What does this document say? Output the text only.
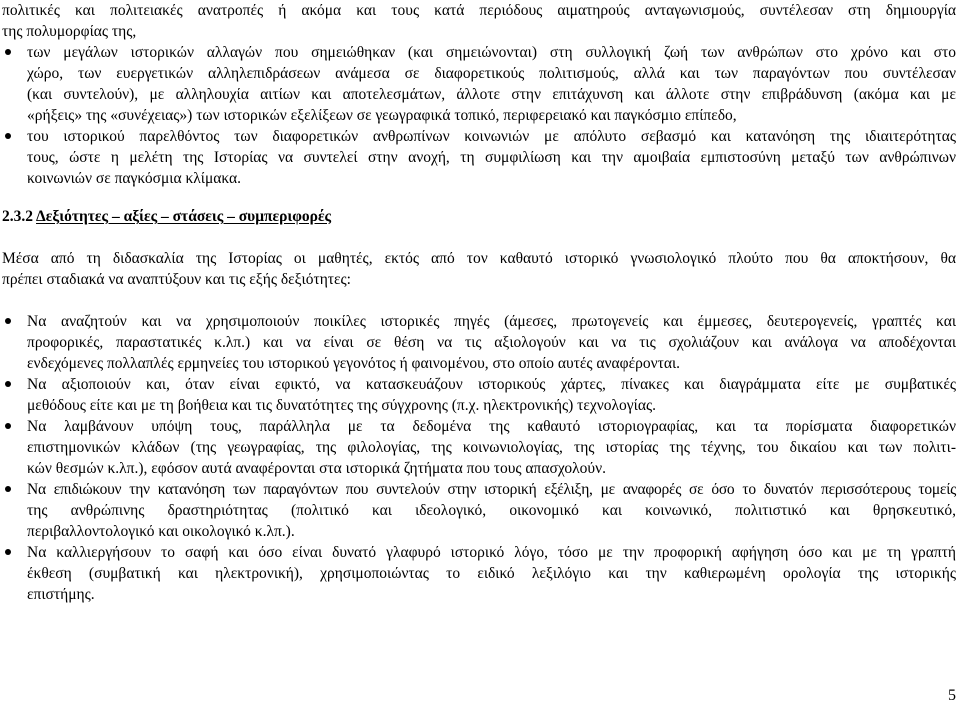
πολιτικές και πολιτειακές ανατροπές ή ακόμα και τους κατά περιόδους αιματηρούς ανταγωνισμούς, συντέλεσαν στη δημιουργία
της πολυμορφίας της,
των μεγάλων ιστορικών αλλαγών που σημειώθηκαν (και σημειώνονται) στη συλλογική ζωή των ανθρώπων στο χρόνο και στο
χώρο, των ευεργετικών αλληλεπιδράσεων ανάμεσα σε διαφορετικούς πολιτισμούς, αλλά και των παραγόντων που συντέλεσαν
(και συντελούν), με αλληλουχία αιτίων και αποτελεσμάτων, άλλοτε στην επιτάχυνση και άλλοτε στην επιβράδυνση (ακόμα και με
«ρήξεις» της «συνέχειας») των ιστορικών εξελίξεων σε γεωγραφικά τοπικό, περιφερειακό και παγκόσμιο επίπεδο,
του ιστορικού παρελθόντος των διαφορετικών ανθρωπίνων κοινωνιών με απόλυτο σεβασμό και κατανόηση της ιδιαιτερότητας
τους, ώστε η μελέτη της Ιστορίας να συντελεί στην ανοχή, τη συμφιλίωση και την αμοιβαία εμπιστοσύνη μεταξύ των ανθρώπινων
κοινωνιών σε παγκόσμια κλίμακα.
2.3.2 Δεξιότητες – αξίες – στάσεις – συμπεριφορές
Μέσα από τη διδασκαλία της Ιστορίας οι μαθητές, εκτός από τον καθαυτό ιστορικό γνωσιολογικό πλούτο που θα αποκτήσουν, θα
πρέπει σταδιακά να αναπτύξουν και τις εξής δεξιότητες:
Να αναζητούν και να χρησιμοποιούν ποικίλες ιστορικές πηγές (άμεσες, πρωτογενείς και έμμεσες, δευτερογενείς, γραπτές και
προφορικές, παραστατικές κ.λπ.) και να είναι σε θέση να τις αξιολογούν και να τις σχολιάζουν και ανάλογα να αποδέχονται
ενδεχόμενες πολλαπλές ερμηνείες του ιστορικού γεγονότος ή φαινομένου, στο οποίο αυτές αναφέρονται.
Να αξιοποιούν και, όταν είναι εφικτό, να κατασκευάζουν ιστορικούς χάρτες, πίνακες και διαγράμματα είτε με συμβατικές
μεθόδους είτε και με τη βοήθεια και τις δυνατότητες της σύγχρονης (π.χ. ηλεκτρονικής) τεχνολογίας.
Να λαμβάνουν υπόψη τους, παράλληλα με τα δεδομένα της καθαυτό ιστοριογραφίας, και τα πορίσματα διαφορετικών
επιστημονικών κλάδων (της γεωγραφίας, της φιλολογίας, της κοινωνιολογίας, της ιστορίας της τέχνης, του δικαίου και των πολιτι-
κών θεσμών κ.λπ.), εφόσον αυτά αναφέρονται στα ιστορικά ζητήματα που τους απασχολούν.
Να επιδιώκουν την κατανόηση των παραγόντων που συντελούν στην ιστορική εξέλιξη, με αναφορές σε όσο το δυνατόν περισσότερους τομείς
της ανθρώπινης δραστηριότητας (πολιτικό και ιδεολογικό, οικονομικό και κοινωνικό, πολιτιστικό και θρησκευτικό,
περιβαλλοντολογικό και οικολογικό κ.λπ.).
Να καλλιεργήσουν το σαφή και όσο είναι δυνατό γλαφυρό ιστορικό λόγο, τόσο με την προφορική αφήγηση όσο και με τη γραπτή
έκθεση (συμβατική και ηλεκτρονική), χρησιμοποιώντας το ειδικό λεξιλόγιο και την καθιερωμένη ορολογία της ιστορικής
επιστήμης.
5
